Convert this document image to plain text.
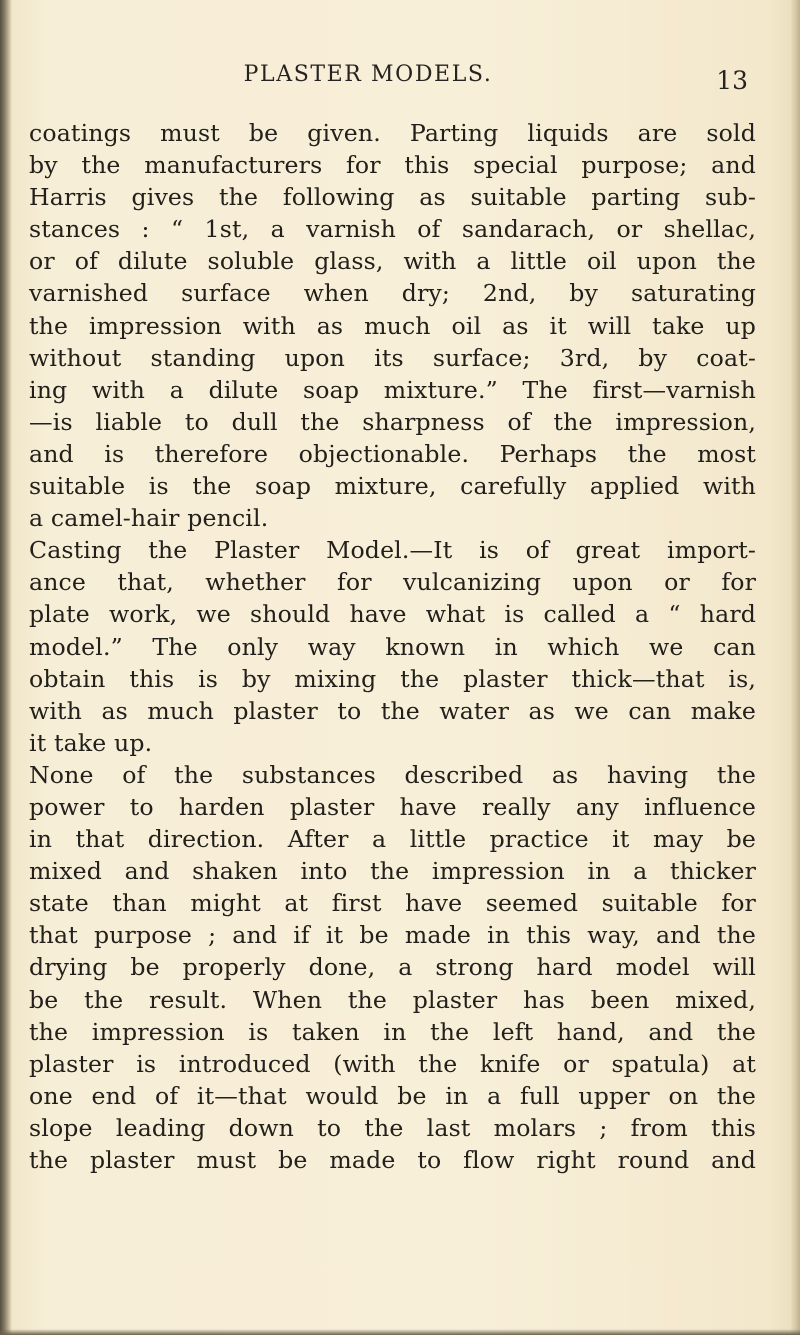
PLASTER MODELS.	13
coatings must be given. Parting liquids are sold
by the manufacturers for this special purpose; and
Harris gives the following as suitable parting sub-
stances : “ 1st, a varnish of sandarach, or shellac,
or of dilute soluble glass, with a little oil upon the
varnished surface when dry; 2nd, by saturating
the impression with as much oil as it will take up
without standing upon its surface; 3rd, by coat-
ing with a dilute soap mixture.” The first—varnish
—is liable to dull the sharpness of the impression,
and is therefore objectionable. Perhaps the most
suitable is the soap mixture, carefully applied with
a camel-hair pencil.
Casting the Plaster Model.—It is of great import-
ance that, whether for vulcanizing upon or for
plate work, we should have what is called a “ hard
model.” The only way known in which we can
obtain this is by mixing the plaster thick—that is,
with as much plaster to the water as we can make
it take up.
None of the substances described as having the
power to harden plaster have really any influence
in that direction. After a little practice it may be
mixed and shaken into the impression in a thicker
state than might at first have seemed suitable for
that purpose ; and if it be made in this way, and the
drying be properly done, a strong hard model will
be the result. When the plaster has been mixed,
the impression is taken in the left hand, and the
plaster is introduced (with the knife or spatula) at
one end of it—that would be in a full upper on the
slope leading down to the last molars ; from this
the plaster must be made to flow right round and
